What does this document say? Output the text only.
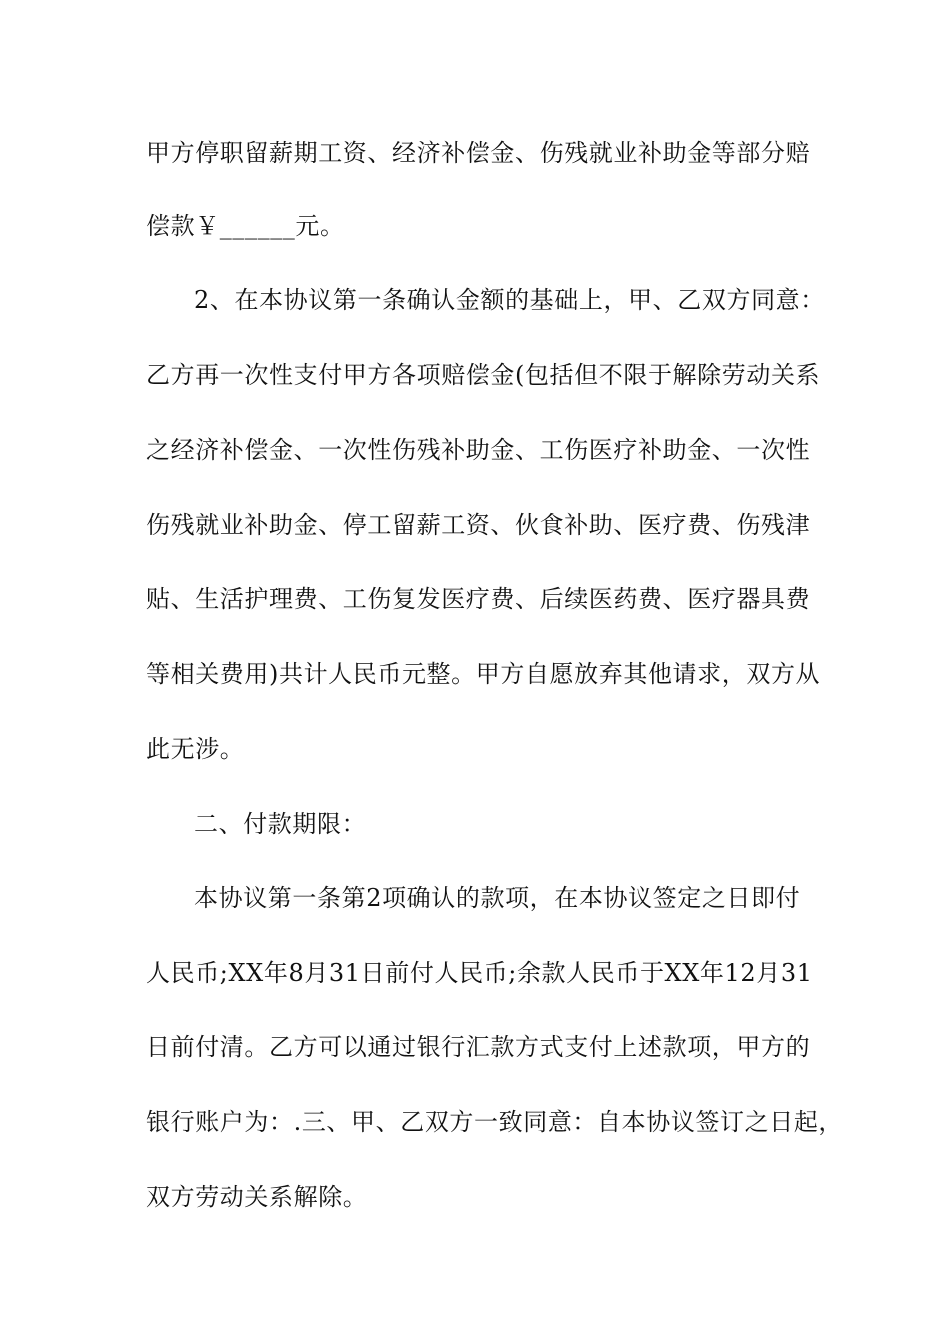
甲方停职留薪期工资、经济补偿金、伤残就业补助金等部分赔
偿款￥______元。
2、在本协议第一条确认金额的基础上，甲、乙双方同意：
乙方再一次性支付甲方各项赔偿金(包括但不限于解除劳动关系
之经济补偿金、一次性伤残补助金、工伤医疗补助金、一次性
伤残就业补助金、停工留薪工资、伙食补助、医疗费、伤残津
贴、生活护理费、工伤复发医疗费、后续医药费、医疗器具费
等相关费用)共计人民币元整。甲方自愿放弃其他请求，双方从
此无涉。
二、付款期限：
本协议第一条第2项确认的款项，在本协议签定之日即付
人民币;XX年8月31日前付人民币;余款人民币于XX年12月31
日前付清。乙方可以通过银行汇款方式支付上述款项，甲方的
银行账户为：.三、甲、乙双方一致同意：自本协议签订之日起，
双方劳动关系解除。
